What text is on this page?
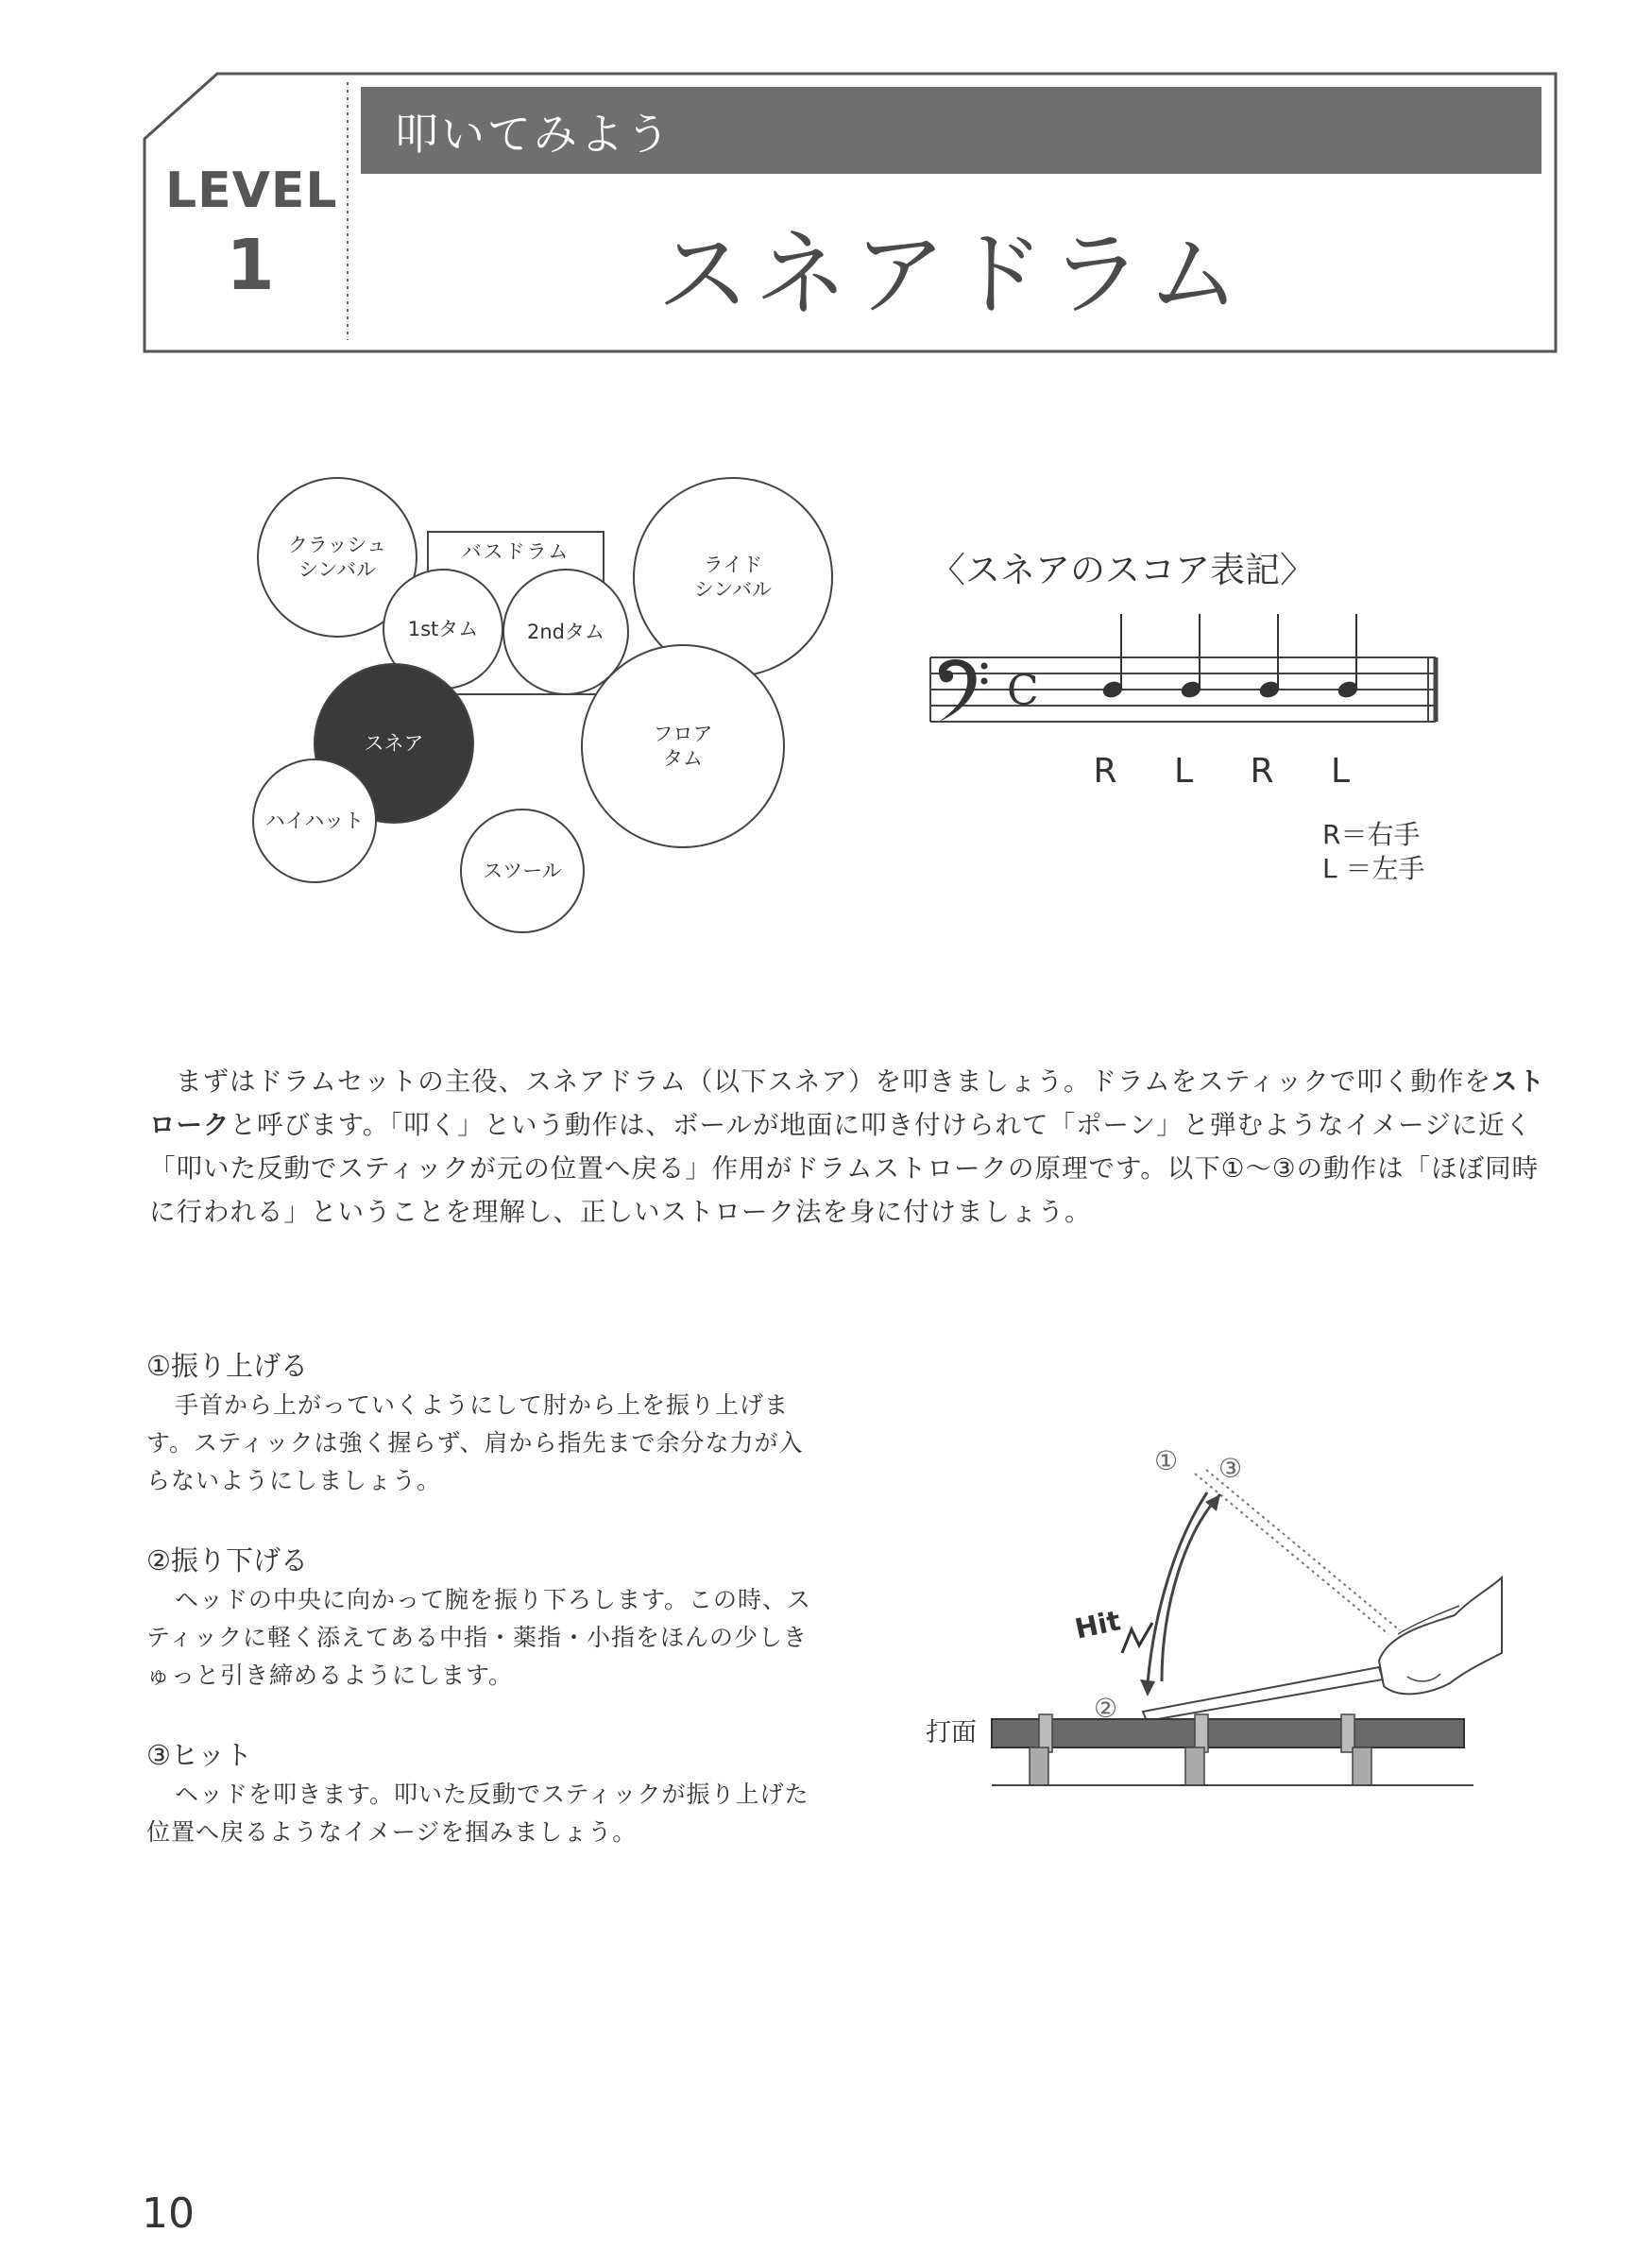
LEVEL
1
叩いてみよう
スネアドラム
バスドラム
クラッシュ
シンバル	ライド
シンバル
1stタム	2ndタム
フロア
タム
スネア
ハイハット
スツール
〈スネアのスコア表記〉
C
R L R L
R＝右手
L ＝左手
まずはドラムセットの主役、スネアドラム（以下スネア）を叩きましょう。ドラムをスティックで叩く動作をストロークと呼びます。「叩く」という動作は、ボールが地面に叩き付けられて「ポーン」と弾むようなイメージに近く「叩いた反動でスティックが元の位置へ戻る」作用がドラムストロークの原理です。以下①〜③の動作は「ほぼ同時に行われる」ということを理解し、正しいストローク法を身に付けましょう。
①振り上げる
手首から上がっていくようにして肘から上を振り上げます。スティックは強く握らず、肩から指先まで余分な力が入らないようにしましょう。
②振り下げる
ヘッドの中央に向かって腕を振り下ろします。この時、スティックに軽く添えてある中指・薬指・小指をほんの少しきゅっと引き締めるようにします。
③ヒット
ヘッドを叩きます。叩いた反動でスティックが振り上げた位置へ戻るようなイメージを掴みましょう。
① ③
②
Hit
打面
10
